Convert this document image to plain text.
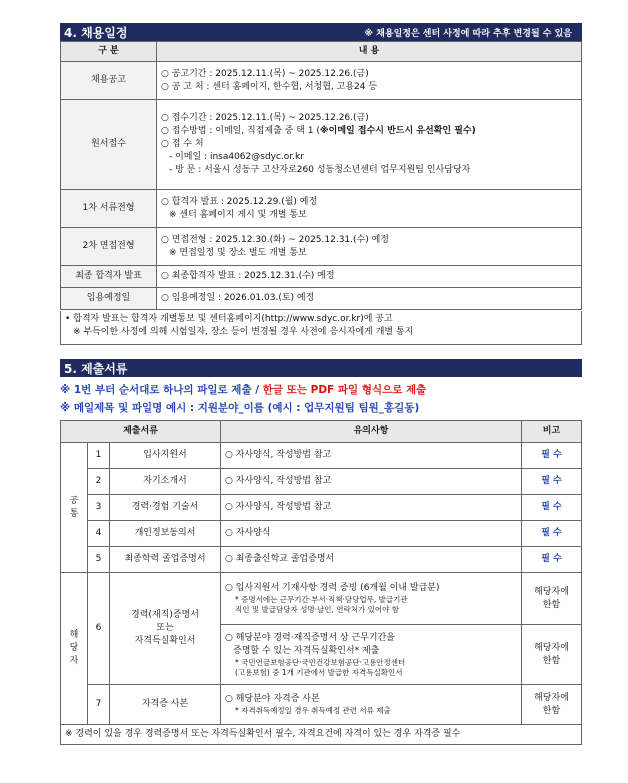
4. 채용일정	※ 채용일정은 센터 사정에 따라 추후 변경될 수 있음
구 분	내 용
채용공고	○ 공고기간 : 2025.12.11.(목) ~ 2025.12.26.(금)
○ 공 고 처 : 센터 홈페이지, 한수협, 서청협, 고용24 등

원서접수	○ 접수기간 : 2025.12.11.(목) ~ 2025.12.26.(금)
○ 접수방법 : 이메일, 직접제출 중 택 1 (※이메일 접수시 반드시 유선확인 필수)
○ 접 수 처
- 이메일 : insa4062@sdyc.or.kr
- 방 문 : 서울시 성동구 고산자로260 성동청소년센터 업무지원팀 인사담당자

1차 서류전형	○ 합격자 발표 : 2025.12.29.(월) 예정
※ 센터 홈페이지 게시 및 개별 통보

2차 면접전형	○ 면접전형 : 2025.12.30.(화) ~ 2025.12.31.(수) 예정
※ 면접일정 및 장소 별도 개별 통보

최종 합격자 발표	○ 최종합격자 발표 : 2025.12.31.(수) 예정
임용예정일	○ 임용예정일 : 2026.01.03.(토) 예정
• 합격자 발표는 합격자 개별통보 및 센터홈페이지(http://www.sdyc.or.kr)에 공고
※ 부득이한 사정에 의해 시험일자, 장소 등이 변경될 경우 사전에 응시자에게 개별 통지
5. 제출서류
※ 1번 부터 순서대로 하나의 파일로 제출 / 한글 또는 PDF 파일 형식으로 제출
※ 메일제목 및 파일명 예시 : 지원분야_이름 (예시 : 업무지원팀 팀원_홍길동)
제출서류			유의사항	비고
공
통	1	입사지원서	○ 자사양식, 작성방법 참고	필 수
	2	자기소개서	○ 자사양식, 작성방법 참고	필 수
	3	경력·경험 기술서	○ 자사양식, 작성방법 참고	필 수
	4	개인정보동의서	○ 자사양식	필 수
	5	최종학력 졸업증명서	○ 최종출신학교 졸업증명서	필 수
해
당
자	6	경력(재직)증명서
또는
자격득실확인서	○ 입사지원서 기재사항 경력 증빙 (6개월 이내 발급분)
* 증명서에는 근무기간·부서·직책·담당업무, 발급기관
직인 및 발급담당자 성명·날인, 연락처가 있어야 함	해당자에
한함

			○ 해당분야 경력·재직증명서 상 근무기간을
증명할 수 있는 자격득실확인서* 제출
* 국민연금보험공단·국민건강보험공단·고용안정센터
(고용보험) 중 1개 기관에서 발급한 자격득실확인서	해당자에
한함

	7	자격증 사본	○ 해당분야 자격증 사본
* 자격취득예정일 경우 취득예정 관련 서류 제출	해당자에
한함

※ 경력이 있을 경우 경력증명서 또는 자격득실확인서 필수, 자격요건에 자격이 있는 경우 자격증 필수				
